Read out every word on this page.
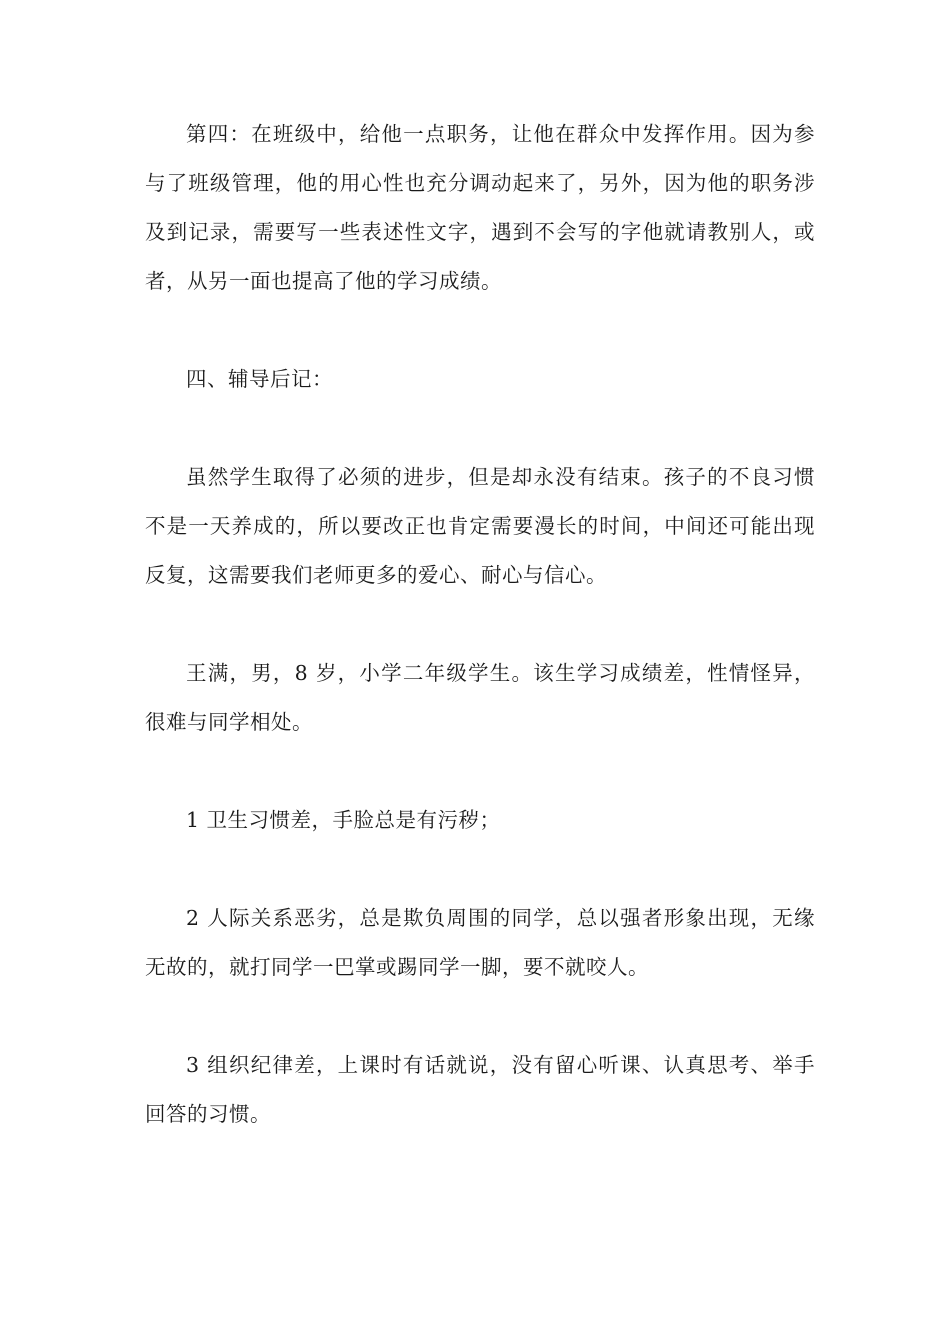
第四：在班级中，给他一点职务，让他在群众中发挥作用。因为参与了班级管理，他的用心性也充分调动起来了，另外，因为他的职务涉及到记录，需要写一些表述性文字，遇到不会写的字他就请教别人，或者，从另一面也提高了他的学习成绩。

四、辅导后记：

虽然学生取得了必须的进步，但是却永没有结束。孩子的不良习惯不是一天养成的，所以要改正也肯定需要漫长的时间，中间还可能出现反复，这需要我们老师更多的爱心、耐心与信心。

王满，男，8 岁，小学二年级学生。该生学习成绩差，性情怪异，很难与同学相处。

1 卫生习惯差，手脸总是有污秽；

2 人际关系恶劣，总是欺负周围的同学，总以强者形象出现，无缘无故的，就打同学一巴掌或踢同学一脚，要不就咬人。

3 组织纪律差，上课时有话就说，没有留心听课、认真思考、举手回答的习惯。
